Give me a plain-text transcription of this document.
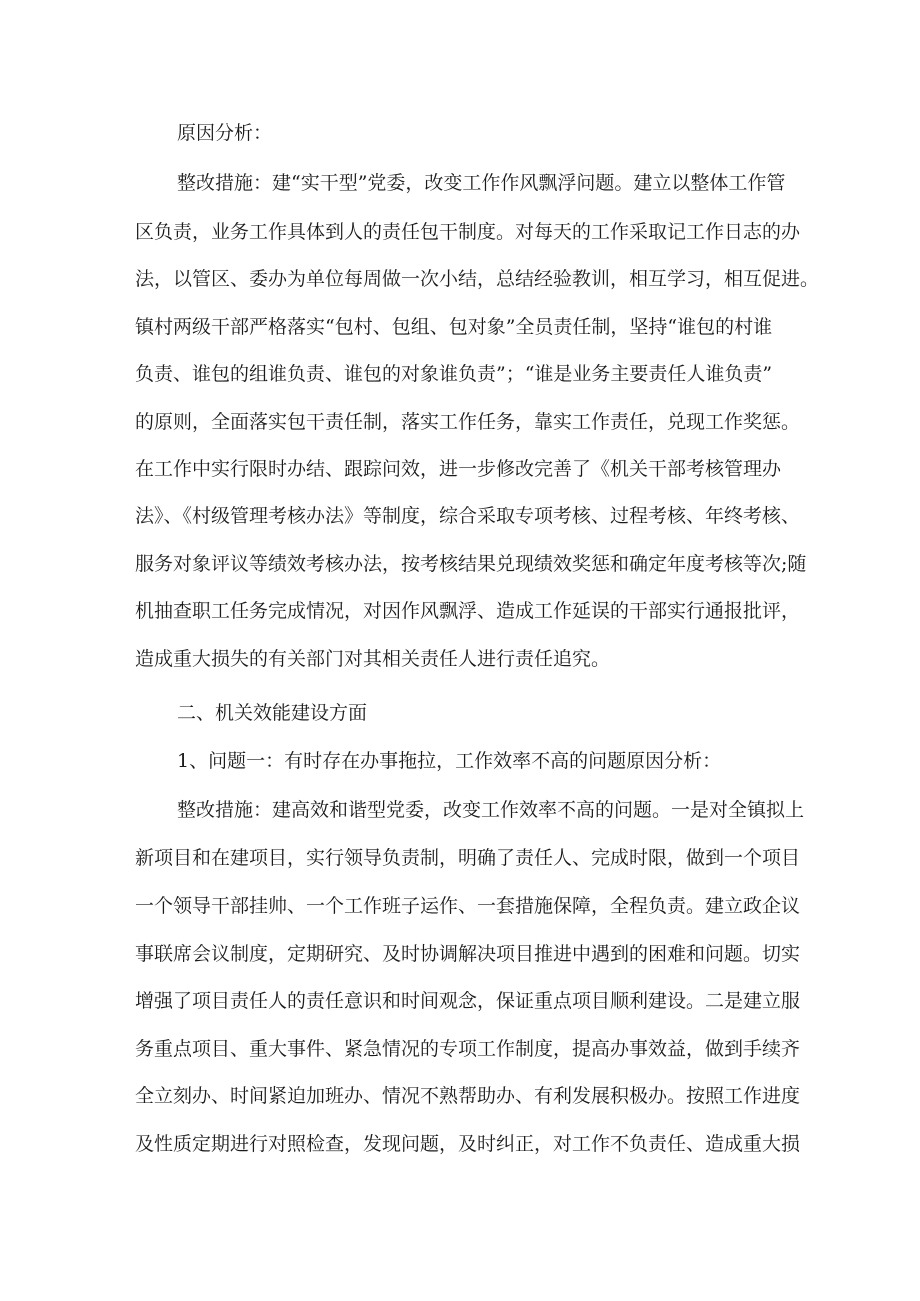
原因分析：
整改措施：建“实干型”党委，改变工作作风飘浮问题。建立以整体工作管
区负责，业务工作具体到人的责任包干制度。对每天的工作采取记工作日志的办
法，以管区、委办为单位每周做一次小结，总结经验教训，相互学习，相互促进。
镇村两级干部严格落实“包村、包组、包对象”全员责任制，坚持“谁包的村谁
负责、谁包的组谁负责、谁包的对象谁负责”；“谁是业务主要责任人谁负责”
的原则，全面落实包干责任制，落实工作任务，靠实工作责任，兑现工作奖惩。
在工作中实行限时办结、跟踪问效，进一步修改完善了《机关干部考核管理办
法》、《村级管理考核办法》等制度，综合采取专项考核、过程考核、年终考核、
服务对象评议等绩效考核办法，按考核结果兑现绩效奖惩和确定年度考核等次;随
机抽查职工任务完成情况，对因作风飘浮、造成工作延误的干部实行通报批评，
造成重大损失的有关部门对其相关责任人进行责任追究。
二、机关效能建设方面
1、问题一：有时存在办事拖拉，工作效率不高的问题原因分析：
整改措施：建高效和谐型党委，改变工作效率不高的问题。一是对全镇拟上
新项目和在建项目，实行领导负责制，明确了责任人、完成时限，做到一个项目
一个领导干部挂帅、一个工作班子运作、一套措施保障，全程负责。建立政企议
事联席会议制度，定期研究、及时协调解决项目推进中遇到的困难和问题。切实
增强了项目责任人的责任意识和时间观念，保证重点项目顺利建设。二是建立服
务重点项目、重大事件、紧急情况的专项工作制度，提高办事效益，做到手续齐
全立刻办、时间紧迫加班办、情况不熟帮助办、有利发展积极办。按照工作进度
及性质定期进行对照检查，发现问题，及时纠正，对工作不负责任、造成重大损
